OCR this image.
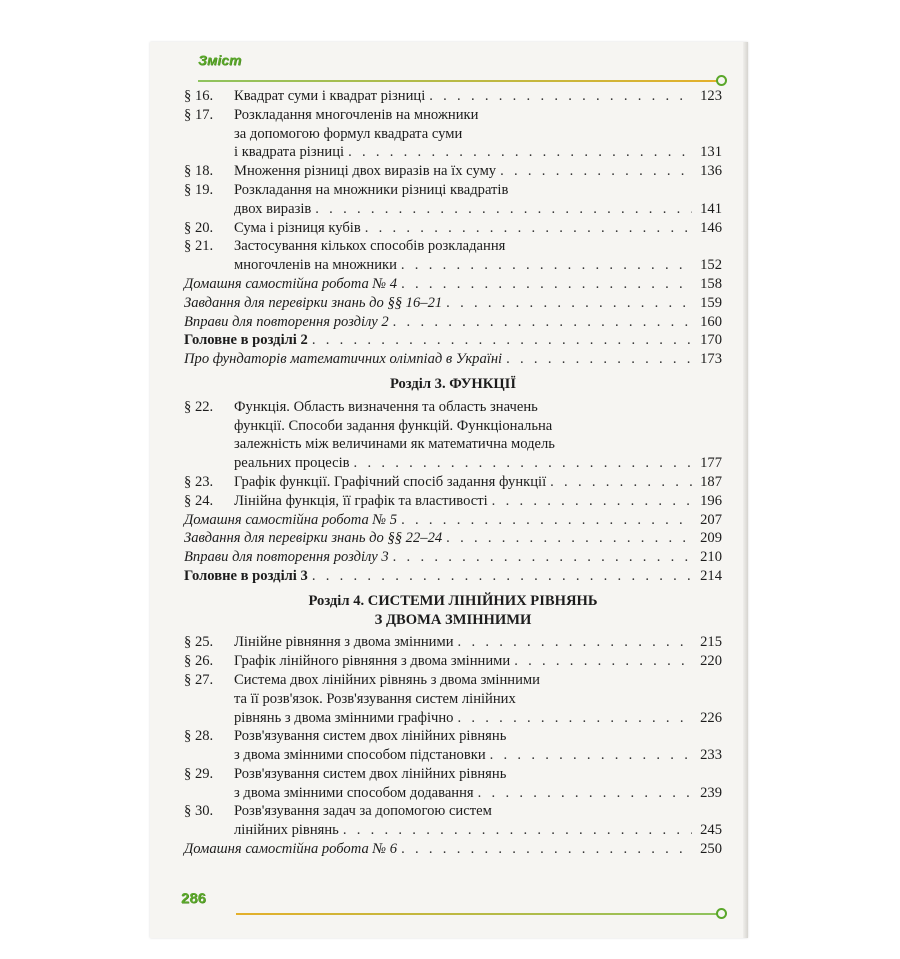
Зміст
§ 16.	Квадрат суми і квадрат різниці . . .	123
§ 17.	Розкладання многочленів на множники
за допомогою формул квадрата суми
і квадрата різниці . . .	131
§ 18.	Множення різниці двох виразів на їх суму . . .	136
§ 19.	Розкладання на множники різниці квадратів
двох виразів . . .	141
§ 20.	Сума і різниця кубів . . .	146
§ 21.	Застосування кількох способів розкладання
многочленів на множники . . .	152
Домашня самостійна робота № 4 . . .	158
Завдання для перевірки знань до §§ 16–21 . . .	159
Вправи для повторення розділу 2 . . .	160
Головне в розділі 2 . . .	170
Про фундаторів математичних олімпіад в Україні . . .	173
Розділ 3. ФУНКЦІЇ
§ 22.	Функція. Область визначення та область значень
функції. Способи задання функцій. Функціональна
залежність між величинами як математична модель
реальних процесів . . .	177
§ 23.	Графік функції. Графічний спосіб задання функції . . .	187
§ 24.	Лінійна функція, її графік та властивості . . .	196
Домашня самостійна робота № 5 . . .	207
Завдання для перевірки знань до §§ 22–24 . . .	209
Вправи для повторення розділу 3 . . .	210
Головне в розділі 3 . . .	214
Розділ 4. СИСТЕМИ ЛІНІЙНИХ РІВНЯНЬ
З ДВОМА ЗМІННИМИ
§ 25.	Лінійне рівняння з двома змінними . . .	215
§ 26.	Графік лінійного рівняння з двома змінними . . .	220
§ 27.	Система двох лінійних рівнянь з двома змінними
та її розв'язок. Розв'язування систем лінійних
рівнянь з двома змінними графічно . . .	226
§ 28.	Розв'язування систем двох лінійних рівнянь
з двома змінними способом підстановки . . .	233
§ 29.	Розв'язування систем двох лінійних рівнянь
з двома змінними способом додавання . . .	239
§ 30.	Розв'язування задач за допомогою систем
лінійних рівнянь . . .	245
Домашня самостійна робота № 6 . . .	250
286
